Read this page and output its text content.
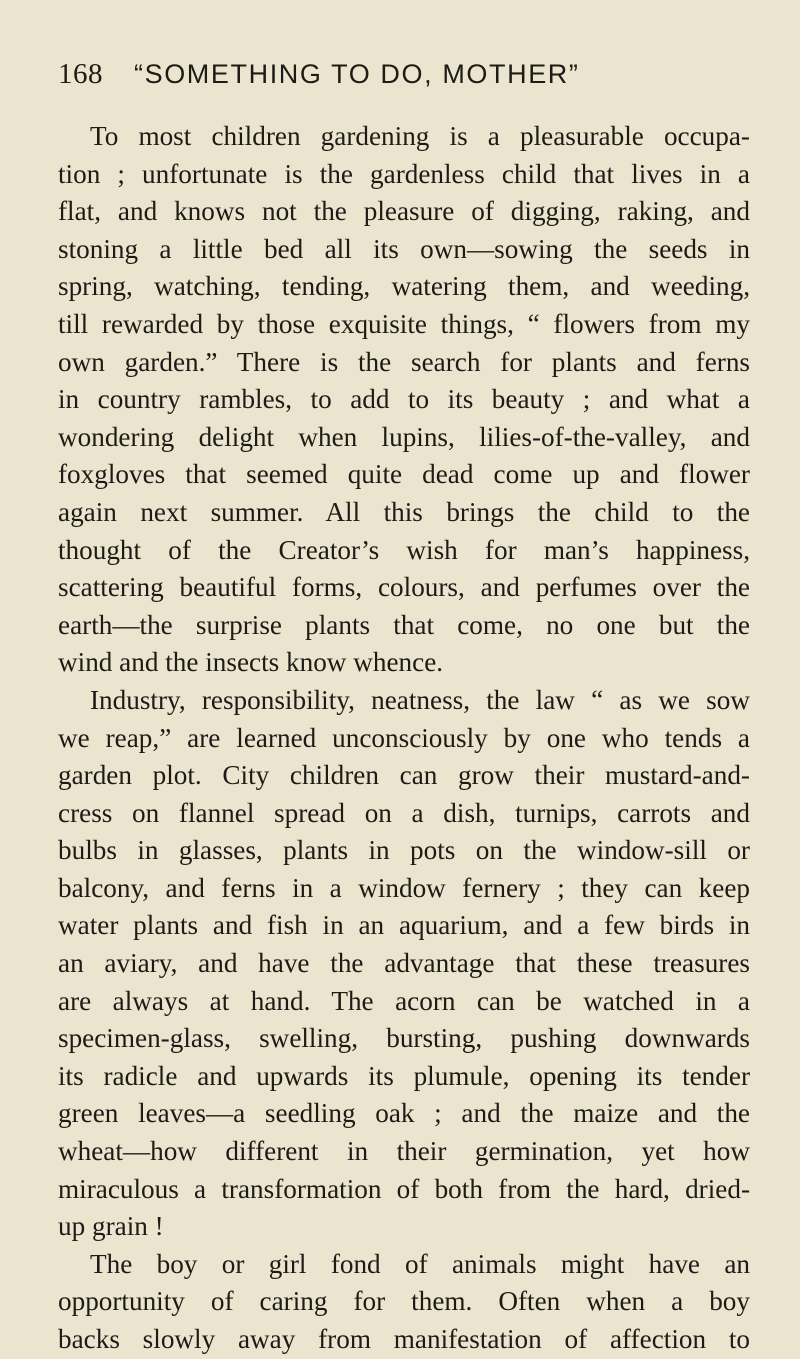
168	“SOMETHING TO DO, MOTHER”

To most children gardening is a pleasurable occupa-
tion ; unfortunate is the gardenless child that lives in a
flat, and knows not the pleasure of digging, raking, and
stoning a little bed all its own—sowing the seeds in
spring, watching, tending, watering them, and weeding,
till rewarded by those exquisite things, “ flowers from my
own garden.” There is the search for plants and ferns
in country rambles, to add to its beauty ; and what a
wondering delight when lupins, lilies-of-the-valley, and
foxgloves that seemed quite dead come up and flower
again next summer. All this brings the child to the
thought of the Creator’s wish for man’s happiness,
scattering beautiful forms, colours, and perfumes over the
earth—the surprise plants that come, no one but the
wind and the insects know whence.

Industry, responsibility, neatness, the law “ as we sow
we reap,” are learned unconsciously by one who tends a
garden plot. City children can grow their mustard-and-
cress on flannel spread on a dish, turnips, carrots and
bulbs in glasses, plants in pots on the window-sill or
balcony, and ferns in a window fernery ; they can keep
water plants and fish in an aquarium, and a few birds in
an aviary, and have the advantage that these treasures
are always at hand. The acorn can be watched in a
specimen-glass, swelling, bursting, pushing downwards
its radicle and upwards its plumule, opening its tender
green leaves—a seedling oak ; and the maize and the
wheat—how different in their germination, yet how
miraculous a transformation of both from the hard, dried-
up grain !

The boy or girl fond of animals might have an
opportunity of caring for them. Often when a boy
backs slowly away from manifestation of affection to
